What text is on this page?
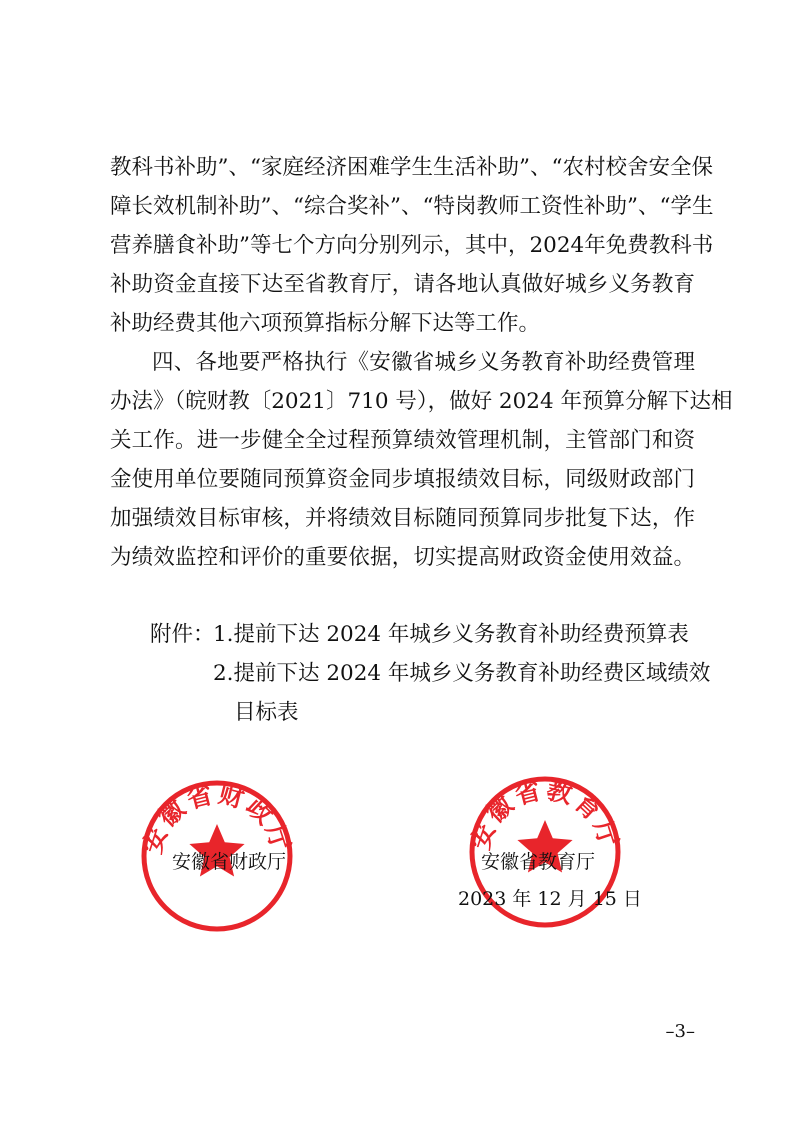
教科书补助”、“家庭经济困难学生生活补助”、“农村校舍安全保
障长效机制补助”、“综合奖补”、“特岗教师工资性补助”、“学生
营养膳食补助”等七个方向分别列示，其中，2024年免费教科书
补助资金直接下达至省教育厅，请各地认真做好城乡义务教育
补助经费其他六项预算指标分解下达等工作。
四、各地要严格执行《安徽省城乡义务教育补助经费管理
办法》（皖财教〔2021〕710 号），做好 2024 年预算分解下达相
关工作。进一步健全全过程预算绩效管理机制，主管部门和资
金使用单位要随同预算资金同步填报绩效目标，同级财政部门
加强绩效目标审核，并将绩效目标随同预算同步批复下达，作
为绩效监控和评价的重要依据，切实提高财政资金使用效益。
附件：
1.提前下达 2024 年城乡义务教育补助经费预算表
2.提前下达 2024 年城乡义务教育补助经费区域绩效
目标表
安徽省财政厅
安徽省财政厅
安徽省教育厅
安徽省教育厅
2023 年 12 月 15 日
–3–
